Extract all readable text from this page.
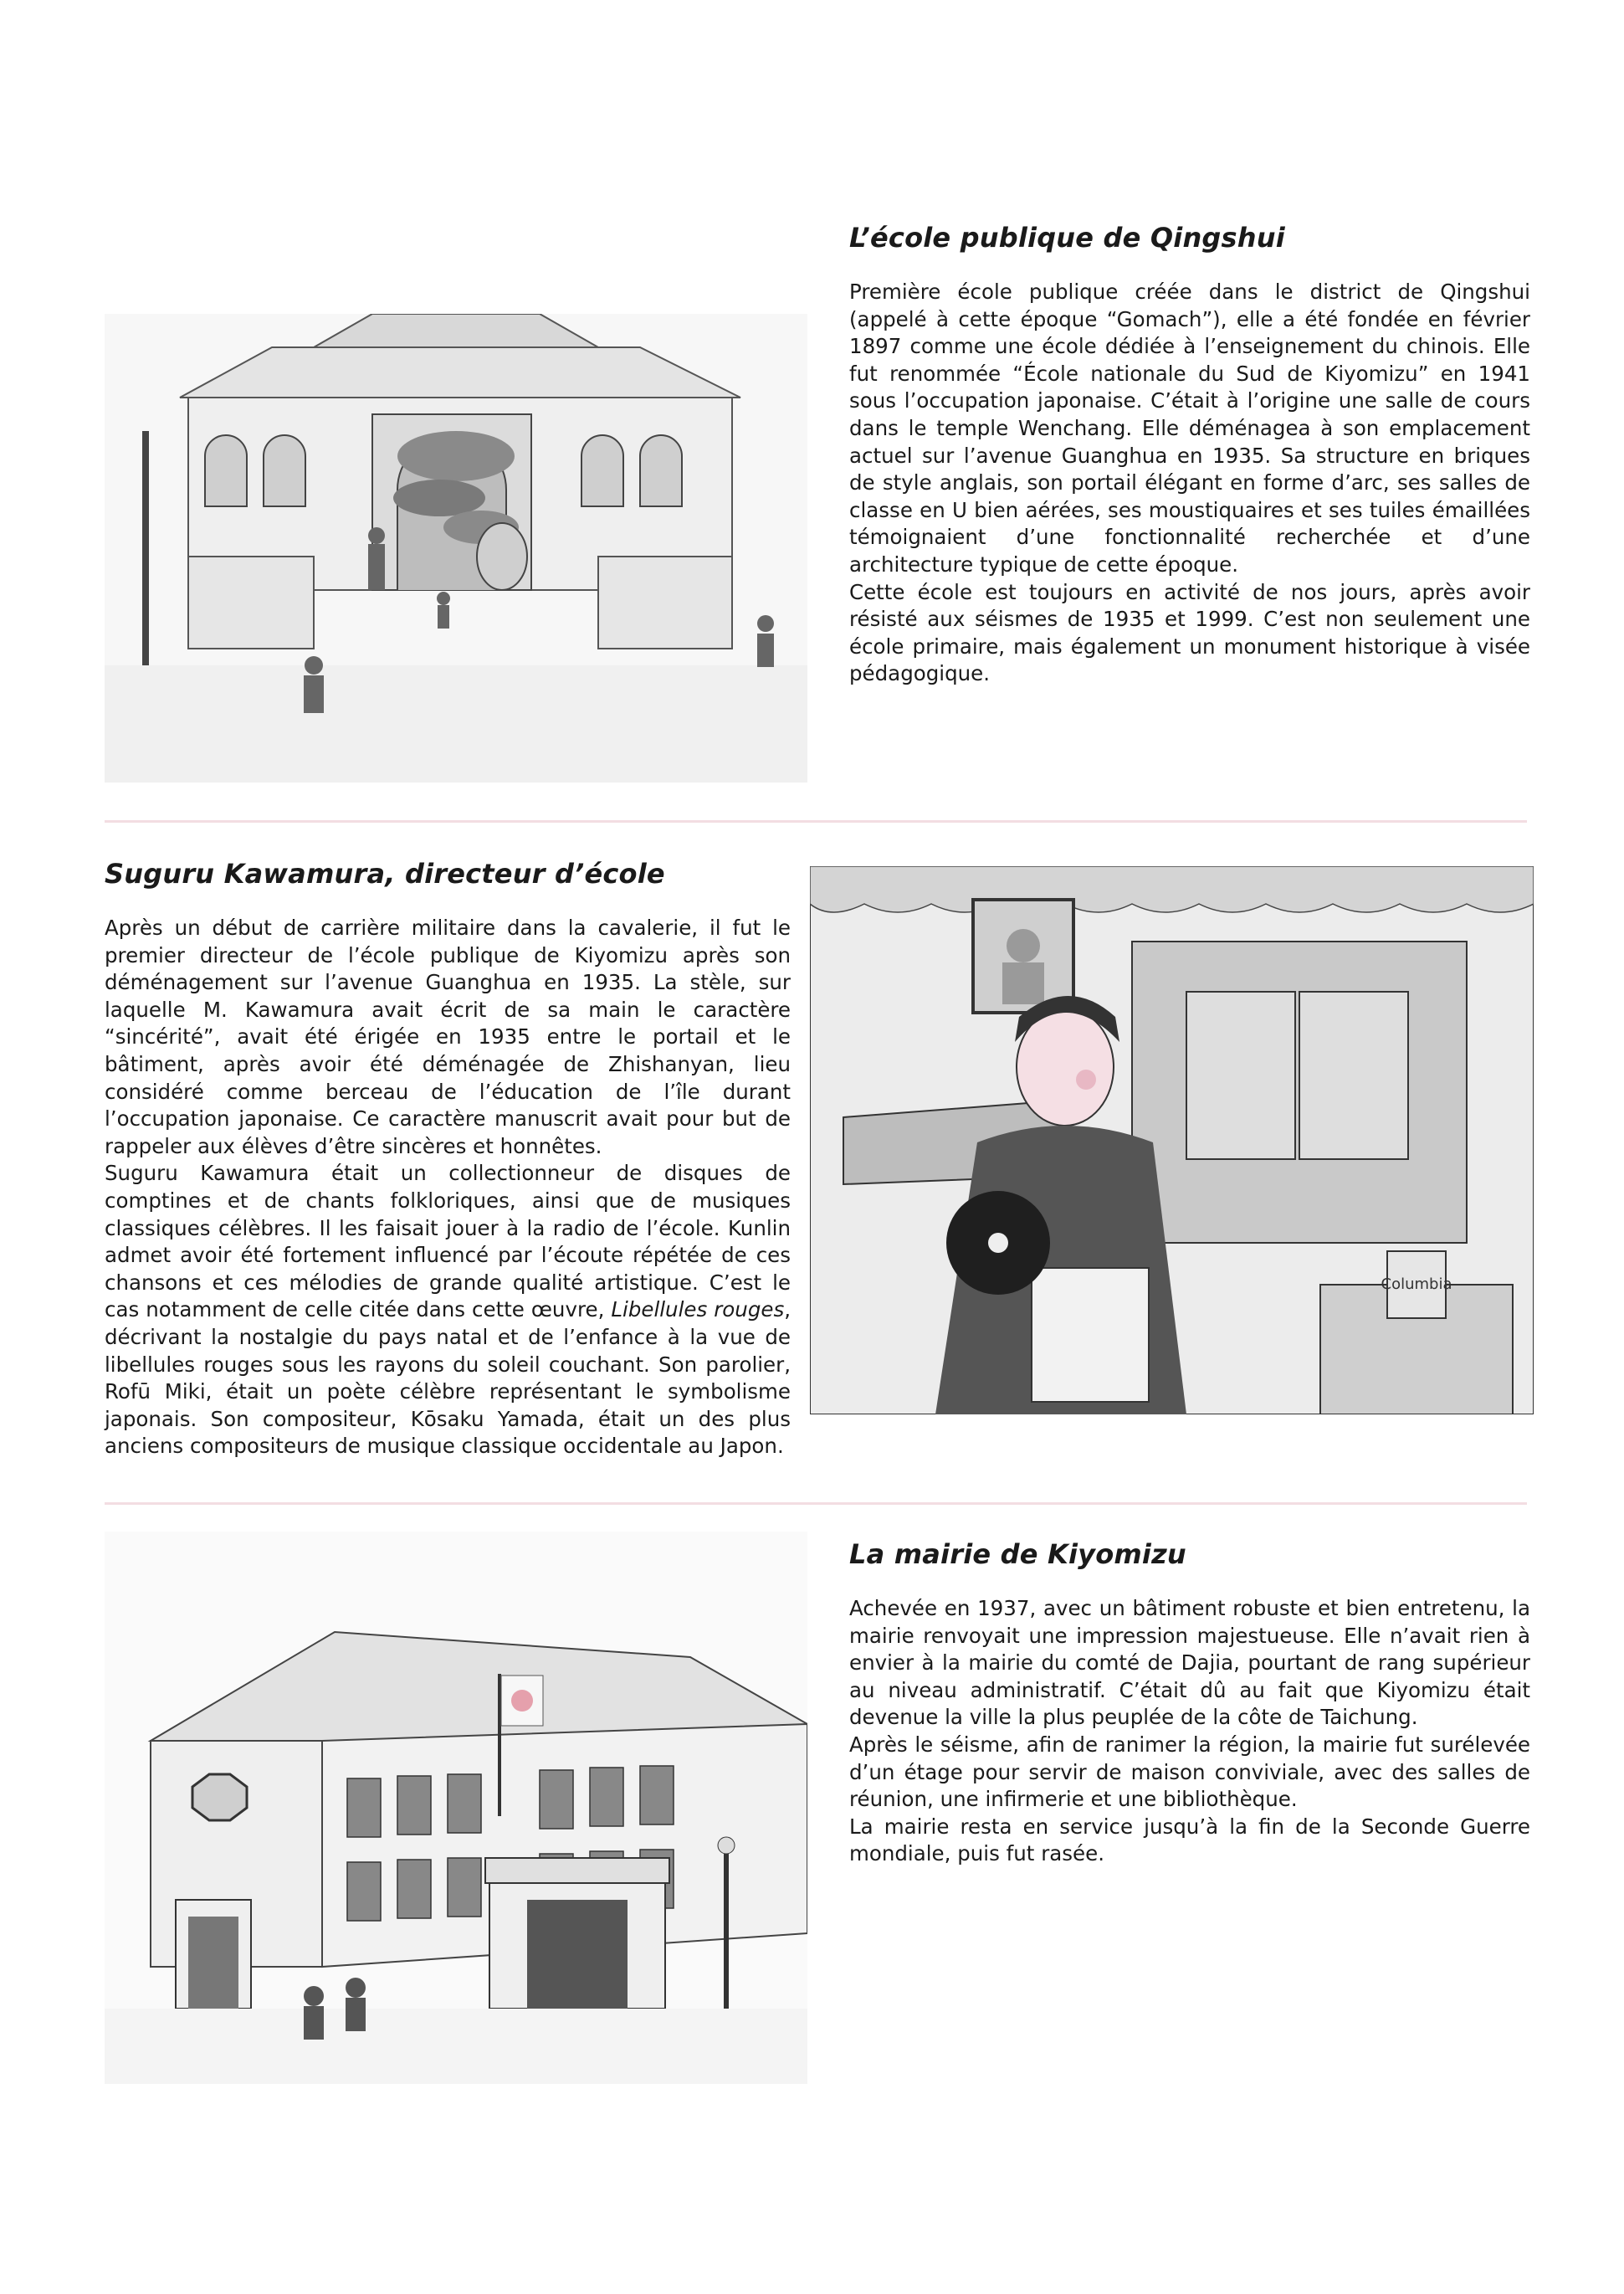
L’école publique de Qingshui

Première école publique créée dans le district de Qingshui (appelé à cette époque “Gomach”), elle a été fondée en février 1897 comme une école dédiée à l’enseignement du chinois. Elle fut renommée “École nationale du Sud de Kiyomizu” en 1941 sous l’occupation japonaise. C’était à l’origine une salle de cours dans le temple Wenchang. Elle déménagea à son emplacement actuel sur l’avenue Guanghua en 1935. Sa structure en briques de style anglais, son portail élégant en forme d’arc, ses salles de classe en U bien aérées, ses moustiquaires et ses tuiles émaillées témoignaient d’une fonctionnalité recherchée et d’une architecture typique de cette époque.

Cette école est toujours en activité de nos jours, après avoir résisté aux séismes de 1935 et 1999. C’est non seulement une école primaire, mais également un monument historique à visée pédagogique.

Suguru Kawamura, directeur d’école

Après un début de carrière militaire dans la cavalerie, il fut le premier directeur de l’école publique de Kiyomizu après son déménagement sur l’avenue Guanghua en 1935. La stèle, sur laquelle M. Kawamura avait écrit de sa main le caractère “sincérité”, avait été érigée en 1935 entre le portail et le bâtiment, après avoir été déménagée de Zhishanyan, lieu considéré comme berceau de l’éducation de l’île durant l’occupation japonaise. Ce caractère manuscrit avait pour but de rappeler aux élèves d’être sincères et honnêtes.

Suguru Kawamura était un collectionneur de disques de comptines et de chants folkloriques, ainsi que de musiques classiques célèbres. Il les faisait jouer à la radio de l’école. Kunlin admet avoir été fortement influencé par l’écoute répétée de ces chansons et ces mélodies de grande qualité artistique. C’est le cas notamment de celle citée dans cette œuvre, Libellules rouges, décrivant la nostalgie du pays natal et de l’enfance à la vue de libellules rouges sous les rayons du soleil couchant. Son parolier, Rofū Miki, était un poète célèbre représentant le symbolisme japonais. Son compositeur, Kōsaku Yamada, était un des plus anciens compositeurs de musique classique occidentale au Japon.

Columbia
La mairie de Kiyomizu

Achevée en 1937, avec un bâtiment robuste et bien entretenu, la mairie renvoyait une impression majestueuse. Elle n’avait rien à envier à la mairie du comté de Dajia, pourtant de rang supérieur au niveau administratif. C’était dû au fait que Kiyomizu était devenue la ville la plus peuplée de la côte de Taichung.

Après le séisme, afin de ranimer la région, la mairie fut surélevée d’un étage pour servir de maison conviviale, avec des salles de réunion, une infirmerie et une bibliothèque.

La mairie resta en service jusqu’à la fin de la Seconde Guerre mondiale, puis fut rasée.
